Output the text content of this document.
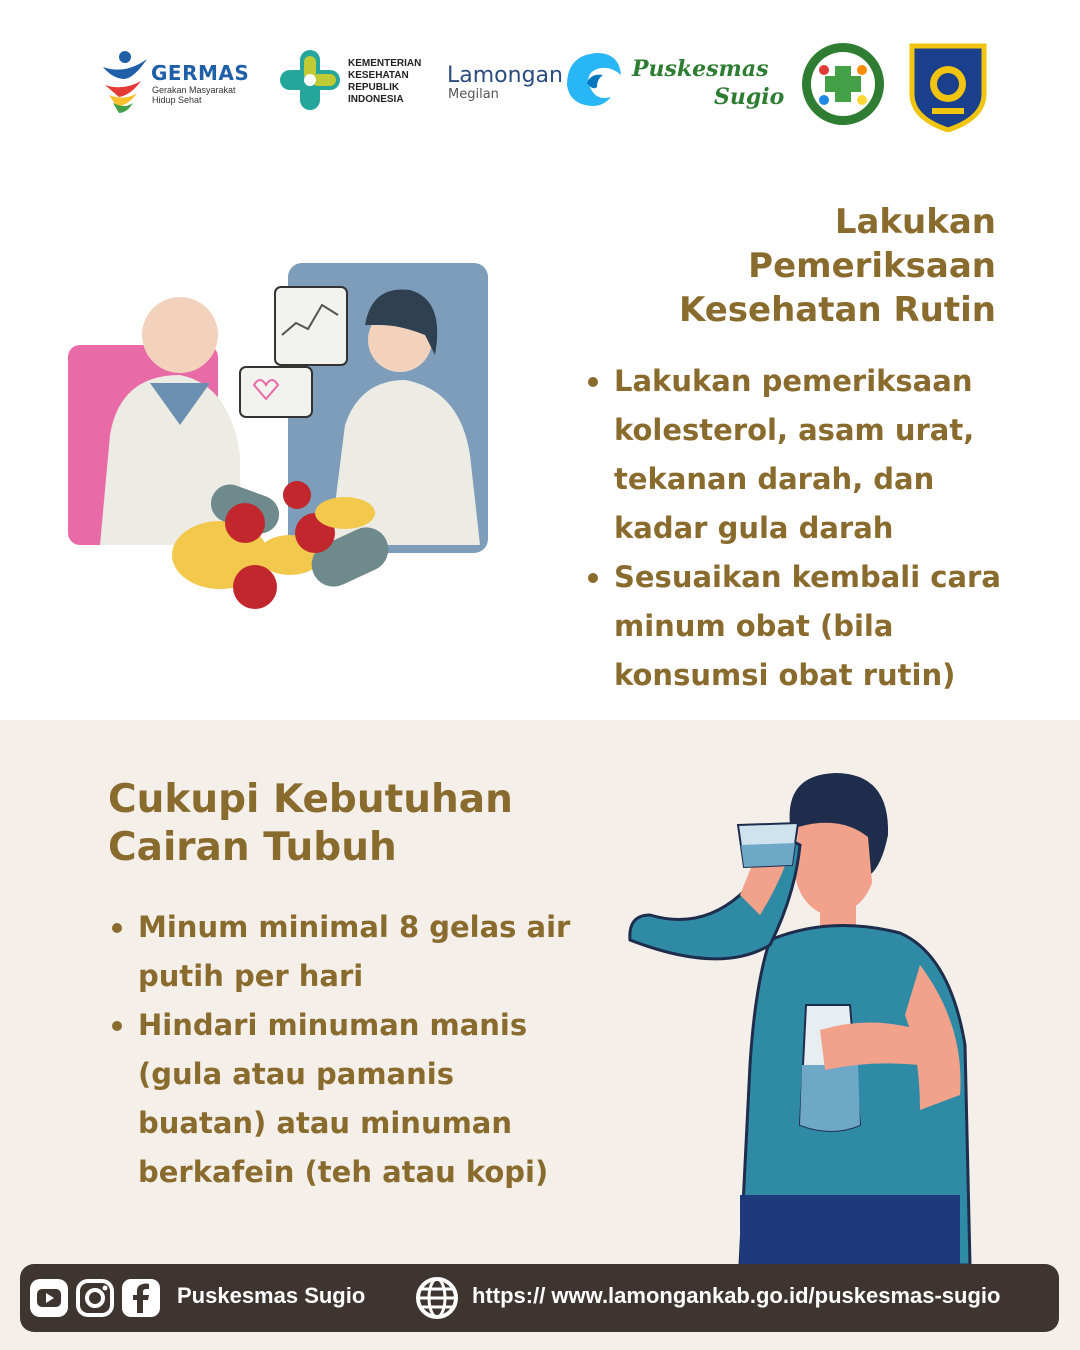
GERMAS
Gerakan Masyarakat Hidup Sehat
KEMENTERIAN KESEHATAN REPUBLIK INDONESIA
Lamongan
Megilan
Puskesmas
Sugio
Lakukan Pemeriksaan Kesehatan Rutin
Lakukan pemeriksaan kolesterol, asam urat, tekanan darah, dan kadar gula darah
Sesuaikan kembali cara minum obat (bila konsumsi obat rutin)
Cukupi Kebutuhan Cairan Tubuh
Minum minimal 8 gelas air putih per hari
Hindari minuman manis (gula atau pamanis buatan) atau minuman berkafein (teh atau kopi)
Puskesmas Sugio	https:// www.lamongankab.go.id/puskesmas-sugio
